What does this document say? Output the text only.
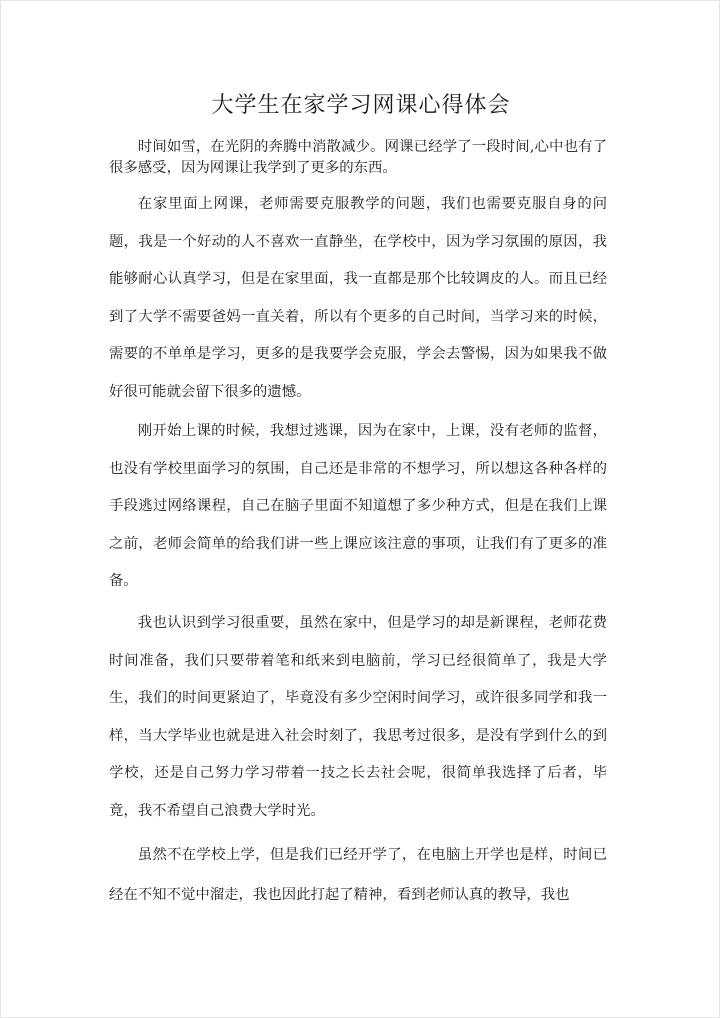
大学生在家学习网课心得体会

时间如雪，在光阴的奔腾中消散减少。网课已经学了一段时间,心中也有了很多感受，因为网课让我学到了更多的东西。

在家里面上网课，老师需要克服教学的问题，我们也需要克服自身的问题，我是一个好动的人不喜欢一直静坐，在学校中，因为学习氛围的原因，我能够耐心认真学习，但是在家里面，我一直都是那个比较调皮的人。而且已经到了大学不需要爸妈一直关着，所以有个更多的自己时间，当学习来的时候，需要的不单单是学习，更多的是我要学会克服，学会去警惕，因为如果我不做好很可能就会留下很多的遗憾。

刚开始上课的时候，我想过逃课，因为在家中，上课，没有老师的监督，也没有学校里面学习的氛围，自己还是非常的不想学习，所以想这各种各样的手段逃过网络课程，自己在脑子里面不知道想了多少种方式，但是在我们上课之前，老师会简单的给我们讲一些上课应该注意的事项，让我们有了更多的准备。

我也认识到学习很重要，虽然在家中，但是学习的却是新课程，老师花费时间准备，我们只要带着笔和纸来到电脑前，学习已经很简单了，我是大学生，我们的时间更紧迫了，毕竟没有多少空闲时间学习，或许很多同学和我一样，当大学毕业也就是进入社会时刻了，我思考过很多，是没有学到什么的到学校，还是自己努力学习带着一技之长去社会呢，很简单我选择了后者，毕竟，我不希望自己浪费大学时光。

虽然不在学校上学，但是我们已经开学了，在电脑上开学也是样，时间已经在不知不觉中溜走，我也因此打起了精神，看到老师认真的教导，我也
